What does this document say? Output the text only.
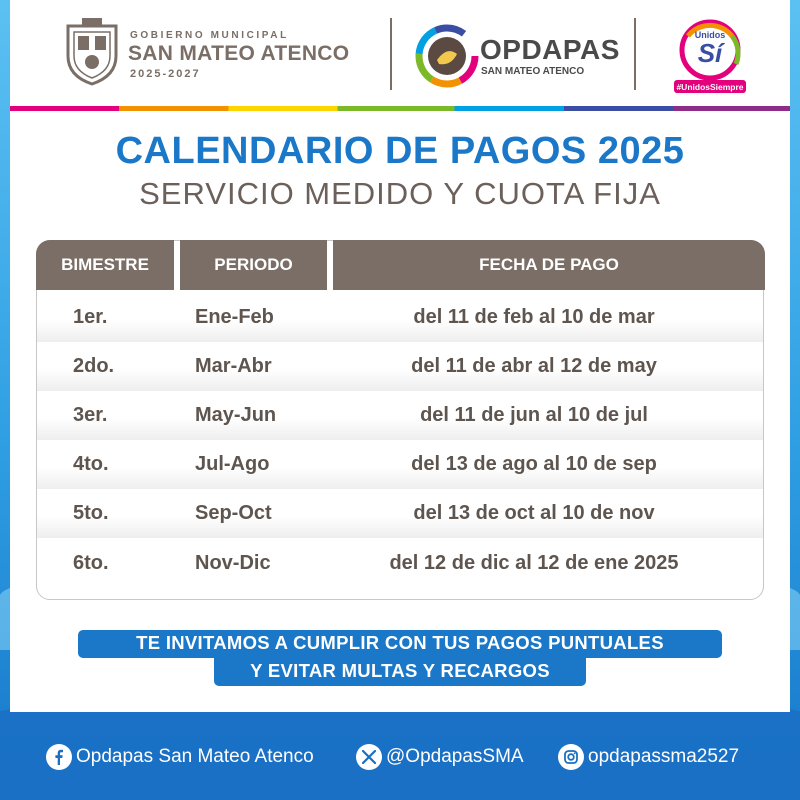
GOBIERNO MUNICIPAL
SAN MATEO ATENCO
2025-2027
OPDAPAS
SAN MATEO ATENCO
Unidos
Sí
#UnidosSiempre
CALENDARIO DE PAGOS 2025
SERVICIO MEDIDO Y CUOTA FIJA
BIMESTRE	PERIODO	FECHA DE PAGO
1er.	Ene-Feb	del 11 de feb al 10 de mar
2do.	Mar-Abr	del 11 de abr al 12 de may
3er.	May-Jun	del 11 de jun al 10 de jul
4to.	Jul-Ago	del 13 de ago al 10 de sep
5to.	Sep-Oct	del 13 de oct al 10 de nov
6to.	Nov-Dic	del 12 de dic al 12 de ene 2025
TE INVITAMOS A CUMPLIR CON TUS PAGOS PUNTUALES
Y EVITAR MULTAS Y RECARGOS
Opdapas San Mateo Atenco	@OpdapasSMA	opdapassma2527
